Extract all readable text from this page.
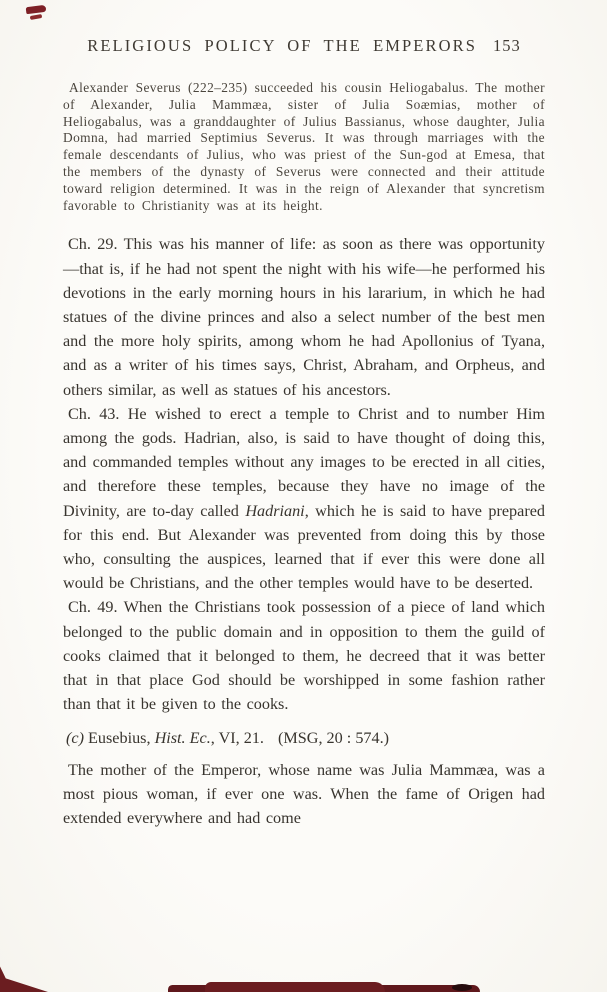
RELIGIOUS POLICY OF THE EMPERORS 153

Alexander Severus (222–235) succeeded his cousin Heliogabalus. The mother of Alexander, Julia Mammæa, sister of Julia Soæmias, mother of Heliogabalus, was a granddaughter of Julius Bassianus, whose daughter, Julia Domna, had married Septimius Severus. It was through marriages with the female descendants of Julius, who was priest of the Sun-god at Emesa, that the members of the dynasty of Severus were connected and their attitude toward religion determined. It was in the reign of Alexander that syncretism favorable to Christianity was at its height.

Ch. 29. This was his manner of life: as soon as there was opportunity—that is, if he had not spent the night with his wife—he performed his devotions in the early morning hours in his lararium, in which he had statues of the divine princes and also a select number of the best men and the more holy spirits, among whom he had Apollonius of Tyana, and as a writer of his times says, Christ, Abraham, and Orpheus, and others similar, as well as statues of his ancestors.

Ch. 43. He wished to erect a temple to Christ and to number Him among the gods. Hadrian, also, is said to have thought of doing this, and commanded temples without any images to be erected in all cities, and therefore these temples, because they have no image of the Divinity, are to-day called Hadriani, which he is said to have prepared for this end. But Alexander was prevented from doing this by those who, consulting the auspices, learned that if ever this were done all would be Christians, and the other temples would have to be deserted.

Ch. 49. When the Christians took possession of a piece of land which belonged to the public domain and in opposition to them the guild of cooks claimed that it belonged to them, he decreed that it was better that in that place God should be worshipped in some fashion rather than that it be given to the cooks.

(c) Eusebius, Hist. Ec., VI, 21. (MSG, 20 : 574.)

The mother of the Emperor, whose name was Julia Mammæa, was a most pious woman, if ever one was. When the fame of Origen had extended everywhere and had come
